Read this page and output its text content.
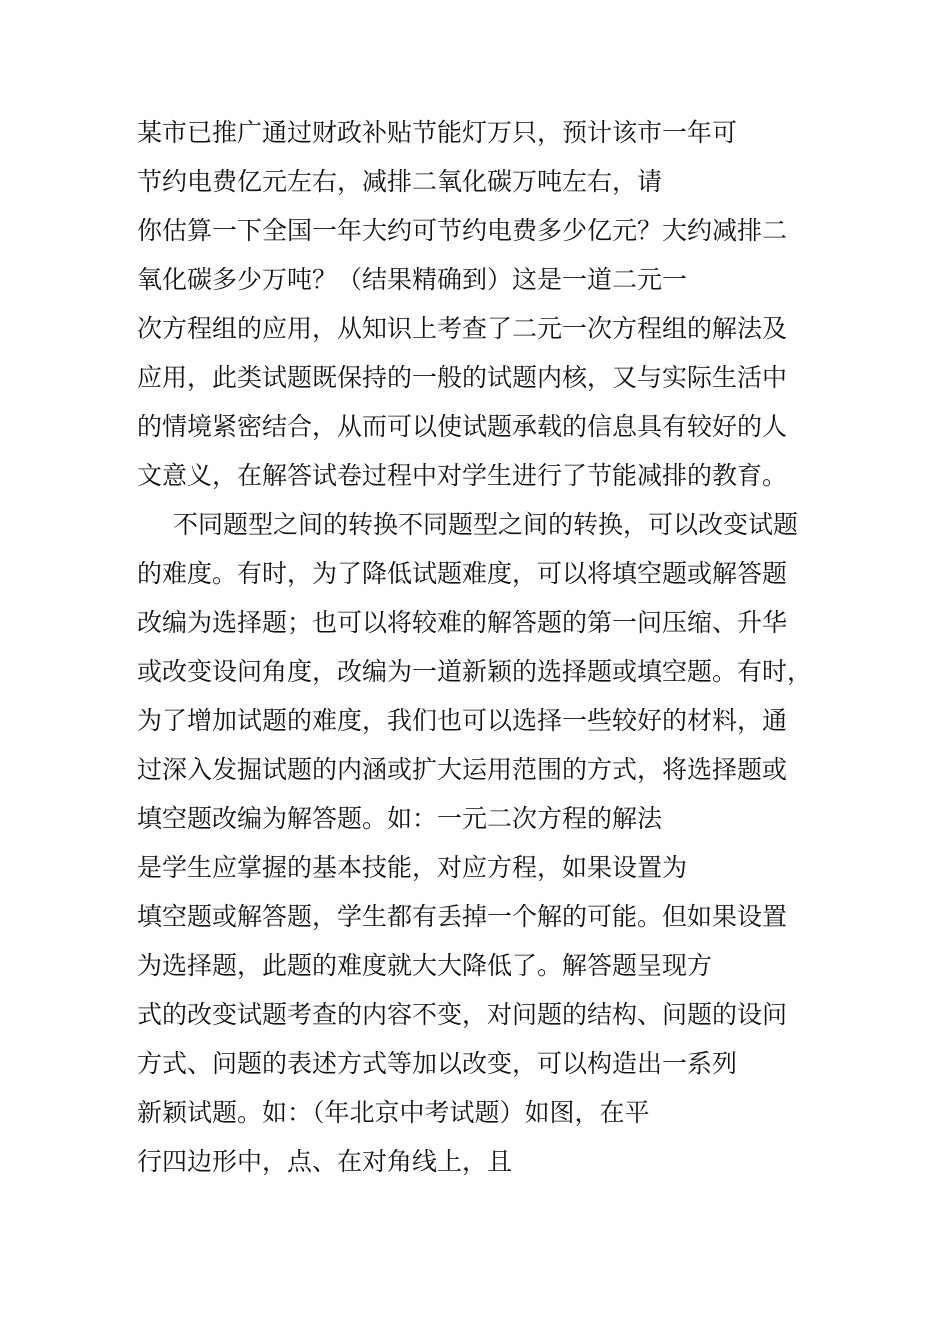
某市已推广通过财政补贴节能灯万只，预计该市一年可
节约电费亿元左右，减排二氧化碳万吨左右，请
你估算一下全国一年大约可节约电费多少亿元？大约减排二
氧化碳多少万吨？（结果精确到）这是一道二元一
次方程组的应用，从知识上考查了二元一次方程组的解法及
应用，此类试题既保持的一般的试题内核，又与实际生活中
的情境紧密结合，从而可以使试题承载的信息具有较好的人
文意义，在解答试卷过程中对学生进行了节能减排的教育。
不同题型之间的转换不同题型之间的转换，可以改变试题
的难度。有时，为了降低试题难度，可以将填空题或解答题
改编为选择题；也可以将较难的解答题的第一问压缩、升华
或改变设问角度，改编为一道新颖的选择题或填空题。有时，
为了增加试题的难度，我们也可以选择一些较好的材料，通
过深入发掘试题的内涵或扩大运用范围的方式，将选择题或
填空题改编为解答题。如：一元二次方程的解法
是学生应掌握的基本技能，对应方程，如果设置为
填空题或解答题，学生都有丢掉一个解的可能。但如果设置
为选择题，此题的难度就大大降低了。解答题呈现方
式的改变试题考查的内容不变，对问题的结构、问题的设问
方式、问题的表述方式等加以改变，可以构造出一系列
新颖试题。如：（年北京中考试题）如图，在平
行四边形中，点、在对角线上，且
